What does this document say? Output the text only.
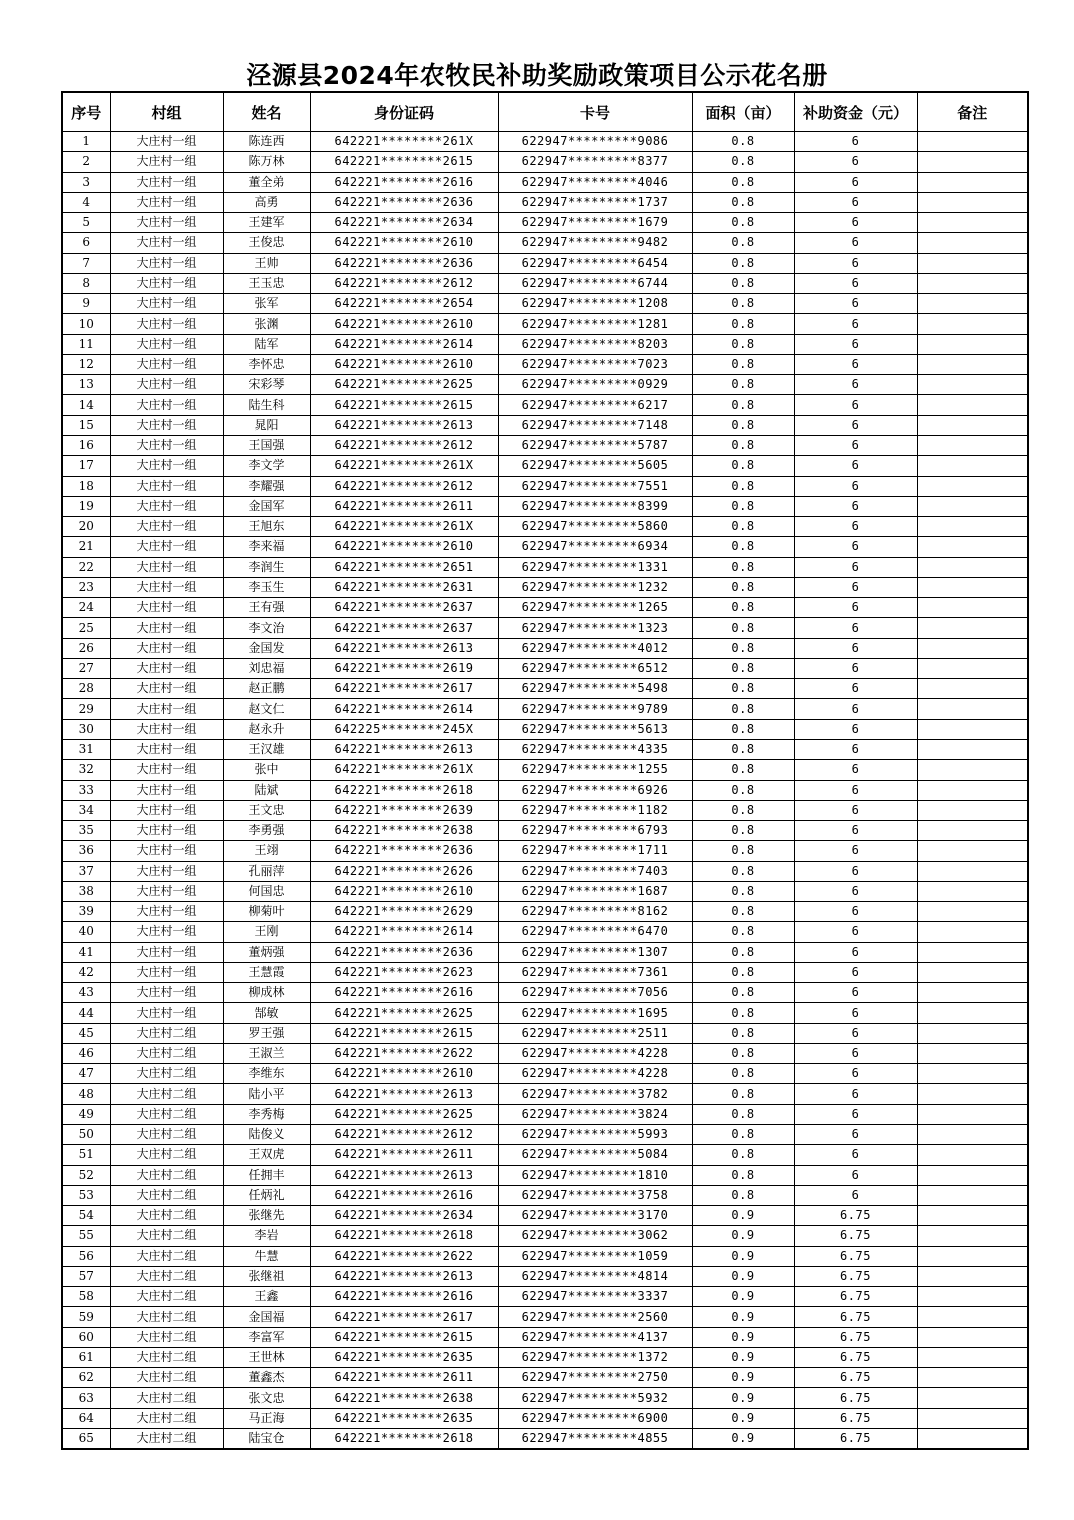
泾源县2024年农牧民补助奖励政策项目公示花名册
序号	村组	姓名	身份证码	卡号	面积（亩）	补助资金（元）	备注
1	大庄村一组	陈连西	642221********261X	622947*********9086	0.8	6	
2	大庄村一组	陈万林	642221********2615	622947*********8377	0.8	6	
3	大庄村一组	董全弟	642221********2616	622947*********4046	0.8	6	
4	大庄村一组	高勇	642221********2636	622947*********1737	0.8	6	
5	大庄村一组	王建军	642221********2634	622947*********1679	0.8	6	
6	大庄村一组	王俊忠	642221********2610	622947*********9482	0.8	6	
7	大庄村一组	王帅	642221********2636	622947*********6454	0.8	6	
8	大庄村一组	王玉忠	642221********2612	622947*********6744	0.8	6	
9	大庄村一组	张军	642221********2654	622947*********1208	0.8	6	
10	大庄村一组	张渊	642221********2610	622947*********1281	0.8	6	
11	大庄村一组	陆军	642221********2614	622947*********8203	0.8	6	
12	大庄村一组	李怀忠	642221********2610	622947*********7023	0.8	6	
13	大庄村一组	宋彩琴	642221********2625	622947*********0929	0.8	6	
14	大庄村一组	陆生科	642221********2615	622947*********6217	0.8	6	
15	大庄村一组	晁阳	642221********2613	622947*********7148	0.8	6	
16	大庄村一组	王国强	642221********2612	622947*********5787	0.8	6	
17	大庄村一组	李文学	642221********261X	622947*********5605	0.8	6	
18	大庄村一组	李耀强	642221********2612	622947*********7551	0.8	6	
19	大庄村一组	金国军	642221********2611	622947*********8399	0.8	6	
20	大庄村一组	王旭东	642221********261X	622947*********5860	0.8	6	
21	大庄村一组	李来福	642221********2610	622947*********6934	0.8	6	
22	大庄村一组	李润生	642221********2651	622947*********1331	0.8	6	
23	大庄村一组	李玉生	642221********2631	622947*********1232	0.8	6	
24	大庄村一组	王有强	642221********2637	622947*********1265	0.8	6	
25	大庄村一组	李文治	642221********2637	622947*********1323	0.8	6	
26	大庄村一组	金国发	642221********2613	622947*********4012	0.8	6	
27	大庄村一组	刘忠福	642221********2619	622947*********6512	0.8	6	
28	大庄村一组	赵正鹏	642221********2617	622947*********5498	0.8	6	
29	大庄村一组	赵文仁	642221********2614	622947*********9789	0.8	6	
30	大庄村一组	赵永升	642225********245X	622947*********5613	0.8	6	
31	大庄村一组	王汉雄	642221********2613	622947*********4335	0.8	6	
32	大庄村一组	张中	642221********261X	622947*********1255	0.8	6	
33	大庄村一组	陆斌	642221********2618	622947*********6926	0.8	6	
34	大庄村一组	王文忠	642221********2639	622947*********1182	0.8	6	
35	大庄村一组	李勇强	642221********2638	622947*********6793	0.8	6	
36	大庄村一组	王翊	642221********2636	622947*********1711	0.8	6	
37	大庄村一组	孔丽萍	642221********2626	622947*********7403	0.8	6	
38	大庄村一组	何国忠	642221********2610	622947*********1687	0.8	6	
39	大庄村一组	柳菊叶	642221********2629	622947*********8162	0.8	6	
40	大庄村一组	王刚	642221********2614	622947*********6470	0.8	6	
41	大庄村一组	董炳强	642221********2636	622947*********1307	0.8	6	
42	大庄村一组	王慧霞	642221********2623	622947*********7361	0.8	6	
43	大庄村一组	柳成林	642221********2616	622947*********7056	0.8	6	
44	大庄村一组	郜敏	642221********2625	622947*********1695	0.8	6	
45	大庄村二组	罗王强	642221********2615	622947*********2511	0.8	6	
46	大庄村二组	王淑兰	642221********2622	622947*********4228	0.8	6	
47	大庄村二组	李维东	642221********2610	622947*********4228	0.8	6	
48	大庄村二组	陆小平	642221********2613	622947*********3782	0.8	6	
49	大庄村二组	李秀梅	642221********2625	622947*********3824	0.8	6	
50	大庄村二组	陆俊义	642221********2612	622947*********5993	0.8	6	
51	大庄村二组	王双虎	642221********2611	622947*********5084	0.8	6	
52	大庄村二组	任拥丰	642221********2613	622947*********1810	0.8	6	
53	大庄村二组	任炳礼	642221********2616	622947*********3758	0.8	6	
54	大庄村二组	张继先	642221********2634	622947*********3170	0.9	6.75	
55	大庄村二组	李岩	642221********2618	622947*********3062	0.9	6.75	
56	大庄村二组	牛慧	642221********2622	622947*********1059	0.9	6.75	
57	大庄村二组	张继祖	642221********2613	622947*********4814	0.9	6.75	
58	大庄村二组	王鑫	642221********2616	622947*********3337	0.9	6.75	
59	大庄村二组	金国福	642221********2617	622947*********2560	0.9	6.75	
60	大庄村二组	李富军	642221********2615	622947*********4137	0.9	6.75	
61	大庄村二组	王世林	642221********2635	622947*********1372	0.9	6.75	
62	大庄村二组	董鑫杰	642221********2611	622947*********2750	0.9	6.75	
63	大庄村二组	张文忠	642221********2638	622947*********5932	0.9	6.75	
64	大庄村二组	马正海	642221********2635	622947*********6900	0.9	6.75	
65	大庄村二组	陆宝仓	642221********2618	622947*********4855	0.9	6.75	
